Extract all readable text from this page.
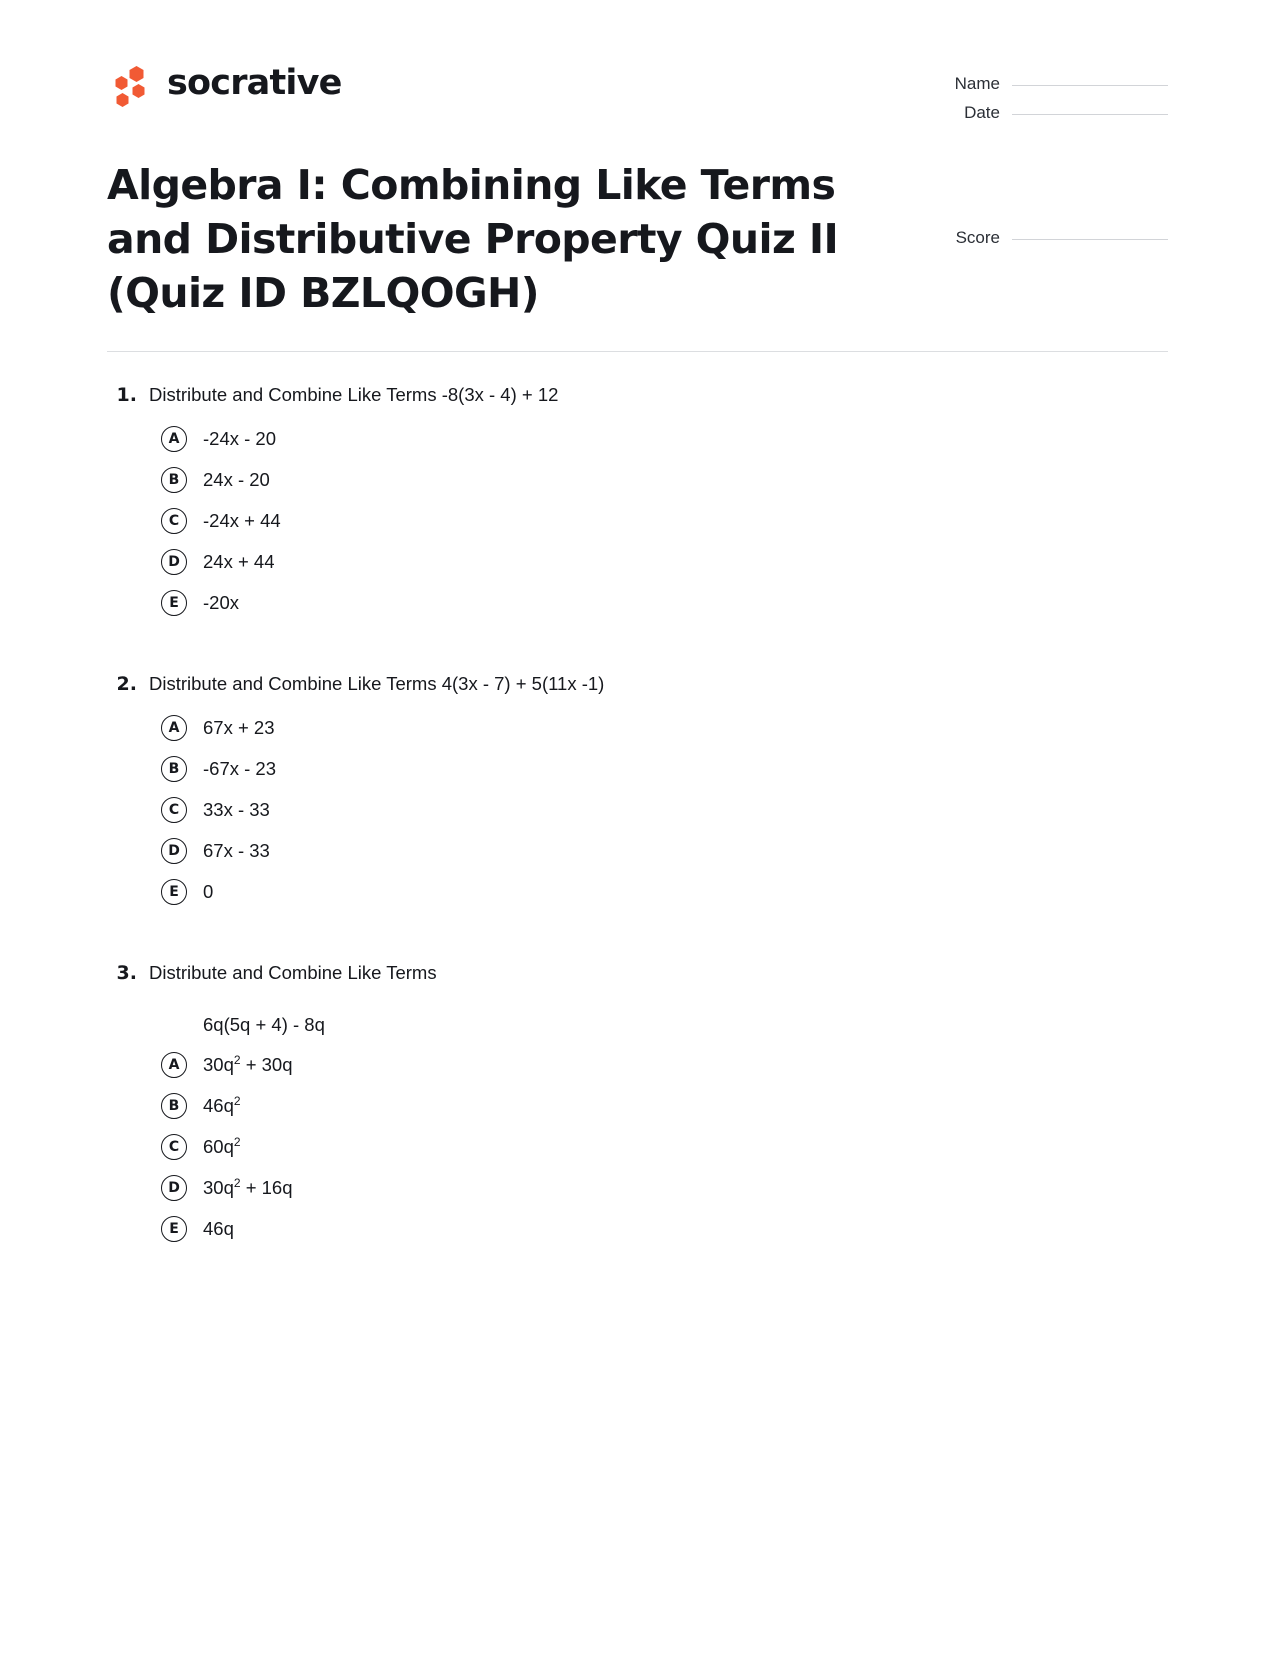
socrative	Name
Date
Algebra I: Combining Like Terms and Distributive Property Quiz II (Quiz ID BZLQOGH)
Score
1. Distribute and Combine Like Terms -8(3x - 4) + 12
A	-24x - 20
B	24x - 20
C	-24x + 44
D	24x + 44
E	-20x
2. Distribute and Combine Like Terms 4(3x - 7) + 5(11x -1)
A	67x + 23
B	-67x - 23
C	33x - 33
D	67x - 33
E	0
3. Distribute and Combine Like Terms
6q(5q + 4) - 8q
A	$30q^2 + 30q$
B	$46q^2$
C	$60q^2$
D	$30q^2 + 16q$
E	46q
